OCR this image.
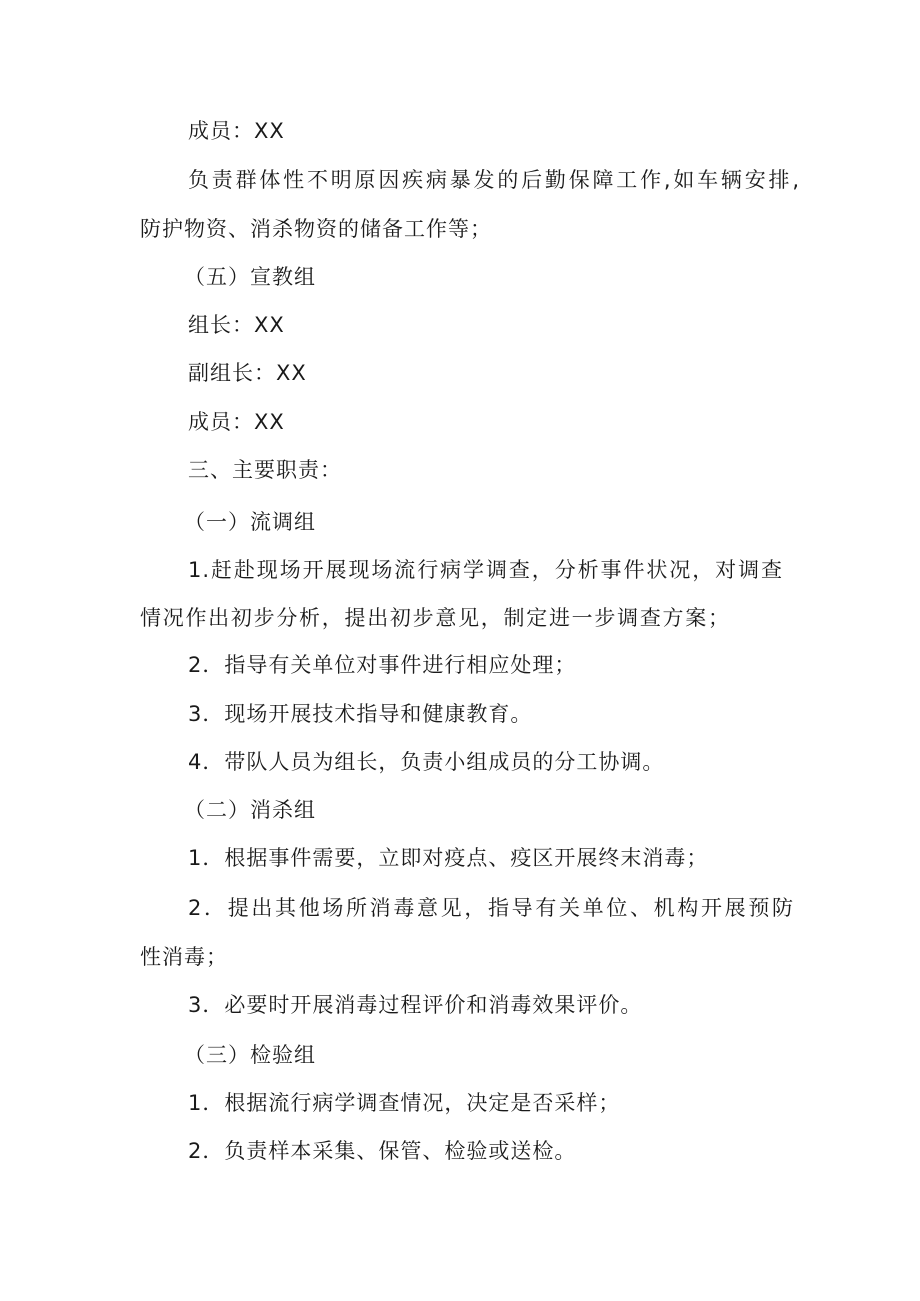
成员：XX
负责群体性不明原因疾病暴发的后勤保障工作,如车辆安排,
防护物资、消杀物资的储备工作等；
（五）宣教组
组长：XX
副组长：XX
成员：XX
三、主要职责：
（一）流调组
1.赶赴现场开展现场流行病学调查，分析事件状况，对调查
情况作出初步分析，提出初步意见，制定进一步调查方案；
2．指导有关单位对事件进行相应处理；
3．现场开展技术指导和健康教育。
4．带队人员为组长，负责小组成员的分工协调。
（二）消杀组
1．根据事件需要，立即对疫点、疫区开展终末消毒；
2．提出其他场所消毒意见，指导有关单位、机构开展预防
性消毒；
3．必要时开展消毒过程评价和消毒效果评价。
（三）检验组
1．根据流行病学调查情况，决定是否采样；
2．负责样本采集、保管、检验或送检。
